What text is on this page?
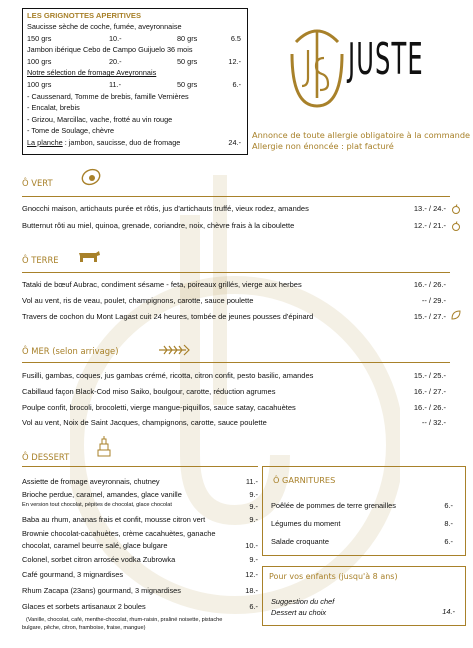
LES GRIGNOTTES APERITIVES
Saucisse sèche de coche, fumée, aveyronnaise
150 grs	10.-	80 grs	6.5
Jambon ibérique Cebo de Campo Guijuelo 36 mois
100 grs	20.-	50 grs	12.-
Notre sélection de fromage Aveyronnais
100 grs	11.-	50 grs	6.-
- Caussenard, Tomme de brebis, famille Vernières
- Encalat, brebis
- Grizou, Marcillac, vache, frotté au vin rouge
- Tome de Soulage, chèvre
La planche : jambon, saucisse, duo de fromage	24.-
JUSTE
Annonce de toute allergie obligatoire à la commande
Allergie non énoncée : plat facturé
Ô VERT
Gnocchi maison, artichauts purée et rôtis, jus d'artichauts truffé, vieux rodez, amandes	13.- / 24.-
Butternut rôti au miel, quinoa, grenade, coriandre, noix, chèvre frais à la ciboulette	12.- / 21.-
Ô TERRE
Tataki de bœuf Aubrac, condiment sésame - feta, poireaux grillés, vierge aux herbes	16.- / 26.-
Vol au vent, ris de veau, poulet, champignons, carotte, sauce poulette	-- / 29.-
Travers de cochon du Mont Lagast cuit 24 heures, tombée de jeunes pousses d'épinard	15.- / 27.-
Ô MER (selon arrivage)
Fusilli, gambas, coques, jus gambas crémé, ricotta, citron confit, pesto basilic, amandes	15.- / 25.-
Cabillaud façon Black-Cod miso Saiko, boulgour, carotte, réduction agrumes	16.- / 27.-
Poulpe confit, brocoli, brocoletti, vierge mangue-piquillos, sauce satay, cacahuètes	16.- / 26.-
Vol au vent, Noix de Saint Jacques, champignons, carotte, sauce poulette	-- / 32.-
Ô DESSERT
Assiette de fromage aveyronnais, chutney	11.-
Brioche perdue, caramel, amandes, glace vanille	9.-
En version tout chocolat, pépites de chocolat, glace chocolat	9.-
Baba au rhum, ananas frais et confit, mousse citron vert	9.-
Brownie chocolat-cacahuètes, crème cacahuètes, ganache
chocolat, caramel beurre salé, glace bulgare	10.-
Colonel, sorbet citron arrosée vodka Zubrowka	9.-
Café gourmand, 3 mignardises	12.-
Rhum Zacapa (23ans) gourmand, 3 mignardises	18.-
Glaces et sorbets artisanaux 2 boules	6.-
(Vanille, chocolat, café, menthe-chocolat, rhum-raisin, praliné noisette, pistache
bulgare, pêche, citron, framboise, fraise, mangue)
Ô GARNITURES
Poêlée de pommes de terre grenailles	6.-
Légumes du moment	8.-
Salade croquante	6.-
Pour vos enfants (jusqu'à 8 ans)
Suggestion du chef
Dessert au choix	14.-
